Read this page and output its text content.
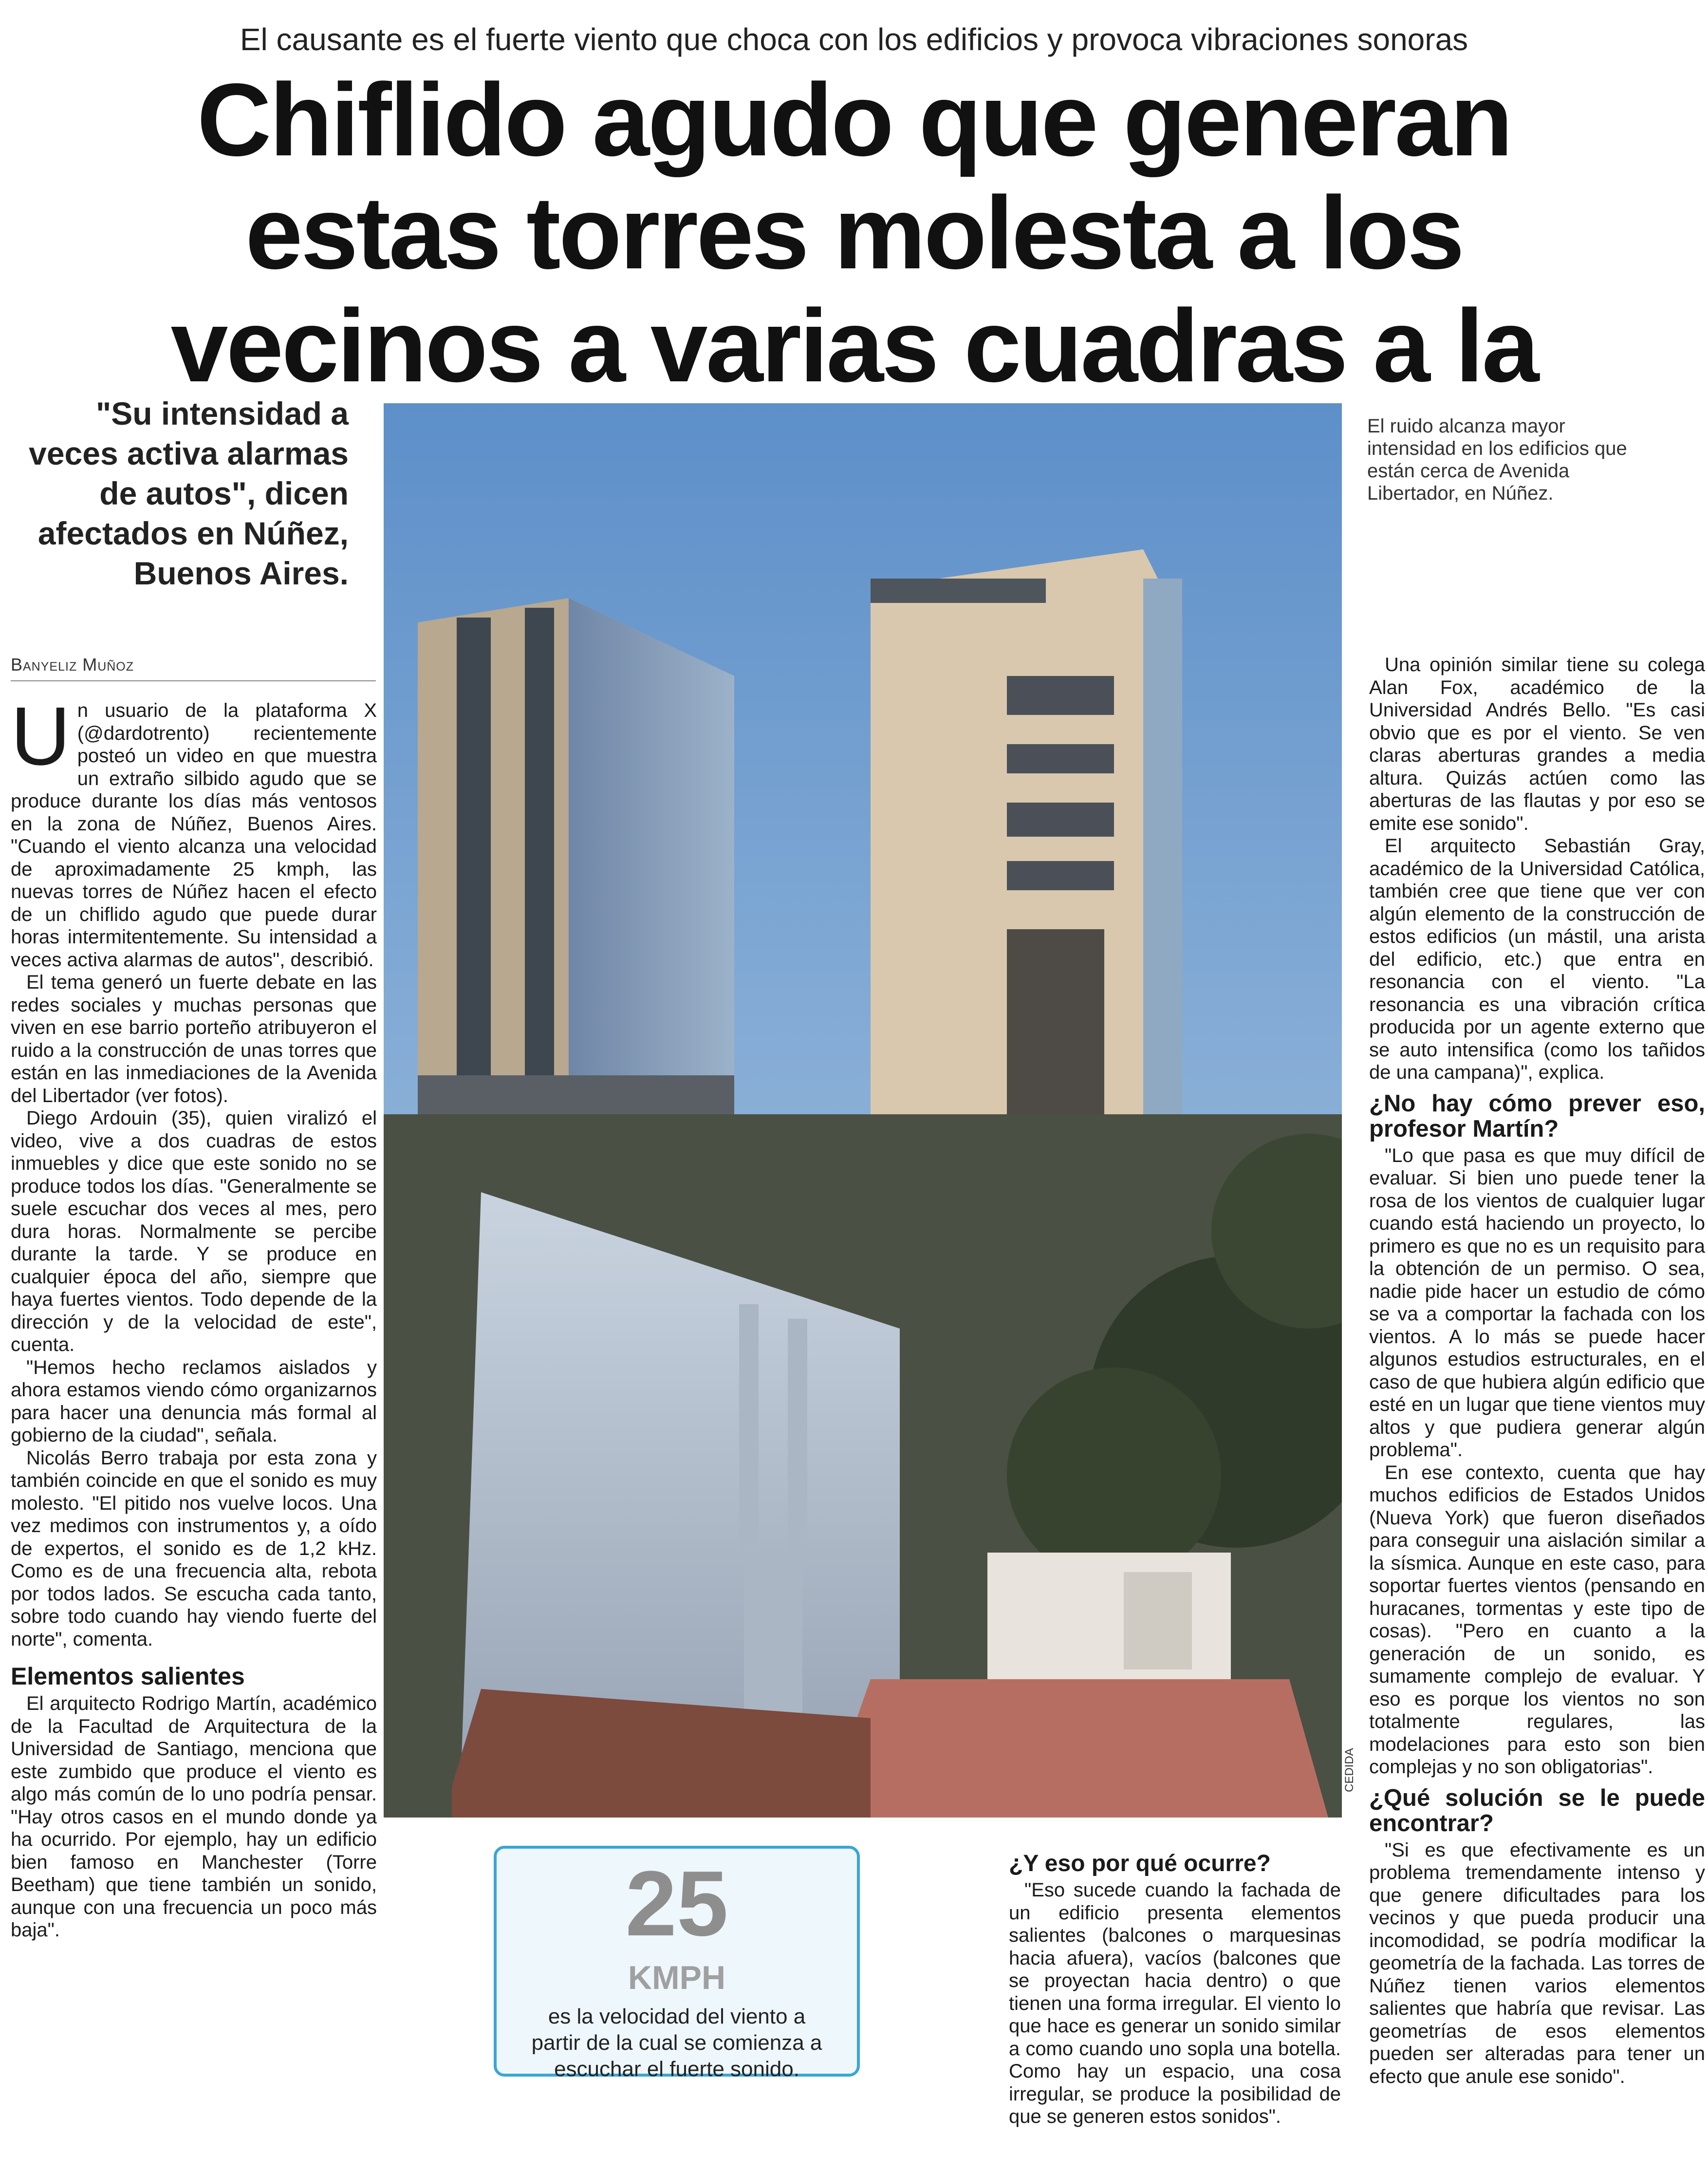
El causante es el fuerte viento que choca con los edificios y provoca vibraciones sonoras
Chiflido agudo que generan estas torres molesta a los vecinos a varias cuadras a la
"Su intensidad a veces activa alarmas de autos", dicen afectados en Núñez, Buenos Aires.
Banyeliz Muñoz

Un usuario de la plataforma X (@dardotrento) recientemente posteó un video en que muestra un extraño silbido agudo que se produce durante los días más ventosos en la zona de Núñez, Buenos Aires. "Cuando el viento alcanza una velocidad de aproximadamente 25 kmph, las nuevas torres de Núñez hacen el efecto de un chiflido agudo que puede durar horas intermitentemente. Su intensidad a veces activa alarmas de autos", describió.

El tema generó un fuerte debate en las redes sociales y muchas personas que viven en ese barrio porteño atribuyeron el ruido a la construcción de unas torres que están en las inmediaciones de la Avenida del Libertador (ver fotos).

Diego Ardouin (35), quien viralizó el video, vive a dos cuadras de estos inmuebles y dice que este sonido no se produce todos los días. "Generalmente se suele escuchar dos veces al mes, pero dura horas. Normalmente se percibe durante la tarde. Y se produce en cualquier época del año, siempre que haya fuertes vientos. Todo depende de la dirección y de la velocidad de este", cuenta.

"Hemos hecho reclamos aislados y ahora estamos viendo cómo organizarnos para hacer una denuncia más formal al gobierno de la ciudad", señala.

Nicolás Berro trabaja por esta zona y también coincide en que el sonido es muy molesto. "El pitido nos vuelve locos. Una vez medimos con instrumentos y, a oído de expertos, el sonido es de 1,2 kHz. Como es de una frecuencia alta, rebota por todos lados. Se escucha cada tanto, sobre todo cuando hay viendo fuerte del norte", comenta.

Elementos salientes

El arquitecto Rodrigo Martín, académico de la Facultad de Arquitectura de la Universidad de Santiago, menciona que este zumbido que produce el viento es algo más común de lo uno podría pensar. "Hay otros casos en el mundo donde ya ha ocurrido. Por ejemplo, hay un edificio bien famoso en Manchester (Torre Beetham) que tiene también un sonido, aunque con una frecuencia un poco más baja".

El ruido alcanza mayor intensidad en los edificios que están cerca de Avenida Libertador, en Núñez.
CEDIDA
25
KMPH
es la velocidad del viento a partir de la cual se comienza a escuchar el fuerte sonido.
¿Y eso por qué ocurre?

"Eso sucede cuando la fachada de un edificio presenta elementos salientes (balcones o marquesinas hacia afuera), vacíos (balcones que se proyectan hacia dentro) o que tienen una forma irregular. El viento lo que hace es generar un sonido similar a como cuando uno sopla una botella. Como hay un espacio, una cosa irregular, se produce la posibilidad de que se generen estos sonidos".

Una opinión similar tiene su colega Alan Fox, académico de la Universidad Andrés Bello. "Es casi obvio que es por el viento. Se ven claras aberturas grandes a media altura. Quizás actúen como las aberturas de las flautas y por eso se emite ese sonido".

El arquitecto Sebastián Gray, académico de la Universidad Católica, también cree que tiene que ver con algún elemento de la construcción de estos edificios (un mástil, una arista del edificio, etc.) que entra en resonancia con el viento. "La resonancia es una vibración crítica producida por un agente externo que se auto intensifica (como los tañidos de una campana)", explica.

¿No hay cómo prever eso, profesor Martín?

"Lo que pasa es que muy difícil de evaluar. Si bien uno puede tener la rosa de los vientos de cualquier lugar cuando está haciendo un proyecto, lo primero es que no es un requisito para la obtención de un permiso. O sea, nadie pide hacer un estudio de cómo se va a comportar la fachada con los vientos. A lo más se puede hacer algunos estudios estructurales, en el caso de que hubiera algún edificio que esté en un lugar que tiene vientos muy altos y que pudiera generar algún problema".

En ese contexto, cuenta que hay muchos edificios de Estados Unidos (Nueva York) que fueron diseñados para conseguir una aislación similar a la sísmica. Aunque en este caso, para soportar fuertes vientos (pensando en huracanes, tormentas y este tipo de cosas). "Pero en cuanto a la generación de un sonido, es sumamente complejo de evaluar. Y eso es porque los vientos no son totalmente regulares, las modelaciones para esto son bien complejas y no son obligatorias".

¿Qué solución se le puede encontrar?

"Si es que efectivamente es un problema tremendamente intenso y que genere dificultades para los vecinos y que pueda producir una incomodidad, se podría modificar la geometría de la fachada. Las torres de Núñez tienen varios elementos salientes que habría que revisar. Las geometrías de esos elementos pueden ser alteradas para tener un efecto que anule ese sonido".
